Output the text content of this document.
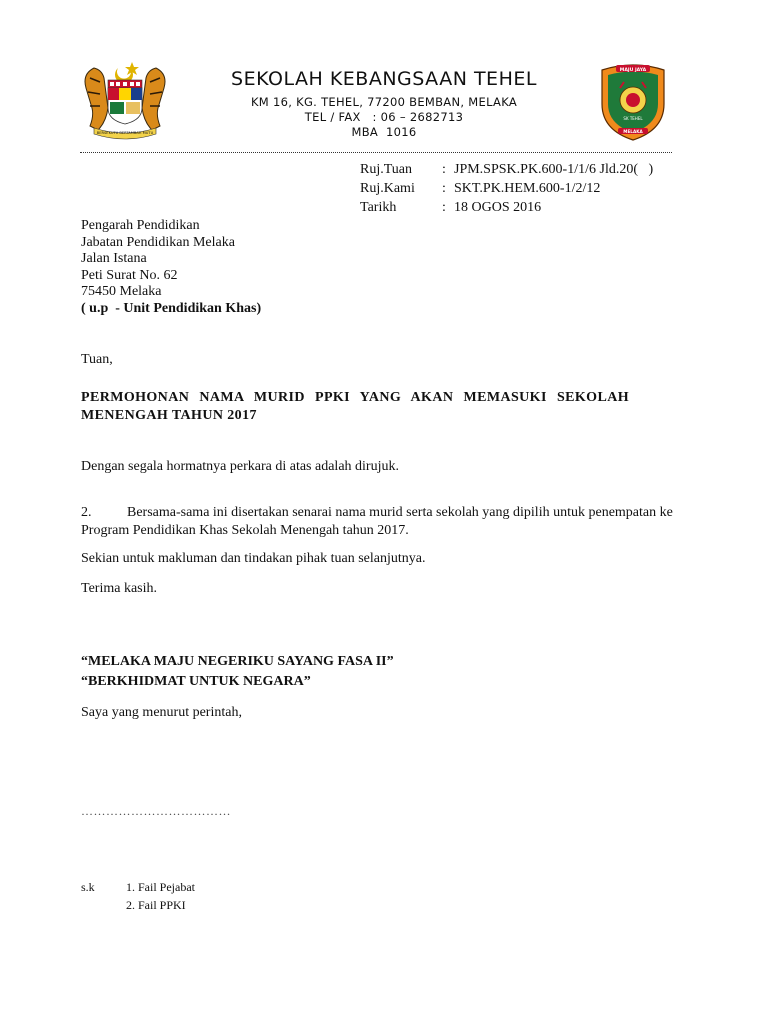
BERSEKUTU BERTAMBAH MUTU
MAJU JAYA
MELAKA
SK TEHEL
SEKOLAH KEBANGSAAN TEHEL
KM 16, KG. TEHEL, 77200 BEMBAN, MELAKA
TEL / FAX   : 06 – 2682713
MBA  1016
Ruj.Tuan : JPM.SPSK.PK.600-1/1/6 Jld.20(   )
Ruj.Kami : SKT.PK.HEM.600-1/2/12
Tarikh	: 18 OGOS 2016
Pengarah Pendidikan
Jabatan Pendidikan Melaka
Jalan Istana
Peti Surat No. 62
75450 Melaka
( u.p  - Unit Pendidikan Khas)
Tuan,
PERMOHONAN NAMA MURID PPKI YANG AKAN MEMASUKI SEKOLAH MENENGAH TAHUN 2017
Dengan segala hormatnya perkara di atas adalah dirujuk.
2.	Bersama-sama ini disertakan senarai nama murid serta sekolah yang dipilih untuk penempatan ke Program Pendidikan Khas Sekolah Menengah tahun 2017.
Sekian untuk makluman dan tindakan pihak tuan selanjutnya.
Terima kasih.
“MELAKA MAJU NEGERIKU SAYANG FASA II”
“BERKHIDMAT UNTUK NEGARA”
Saya yang menurut perintah,
………………………………
s.k	1. Fail Pejabat
2. Fail PPKI
